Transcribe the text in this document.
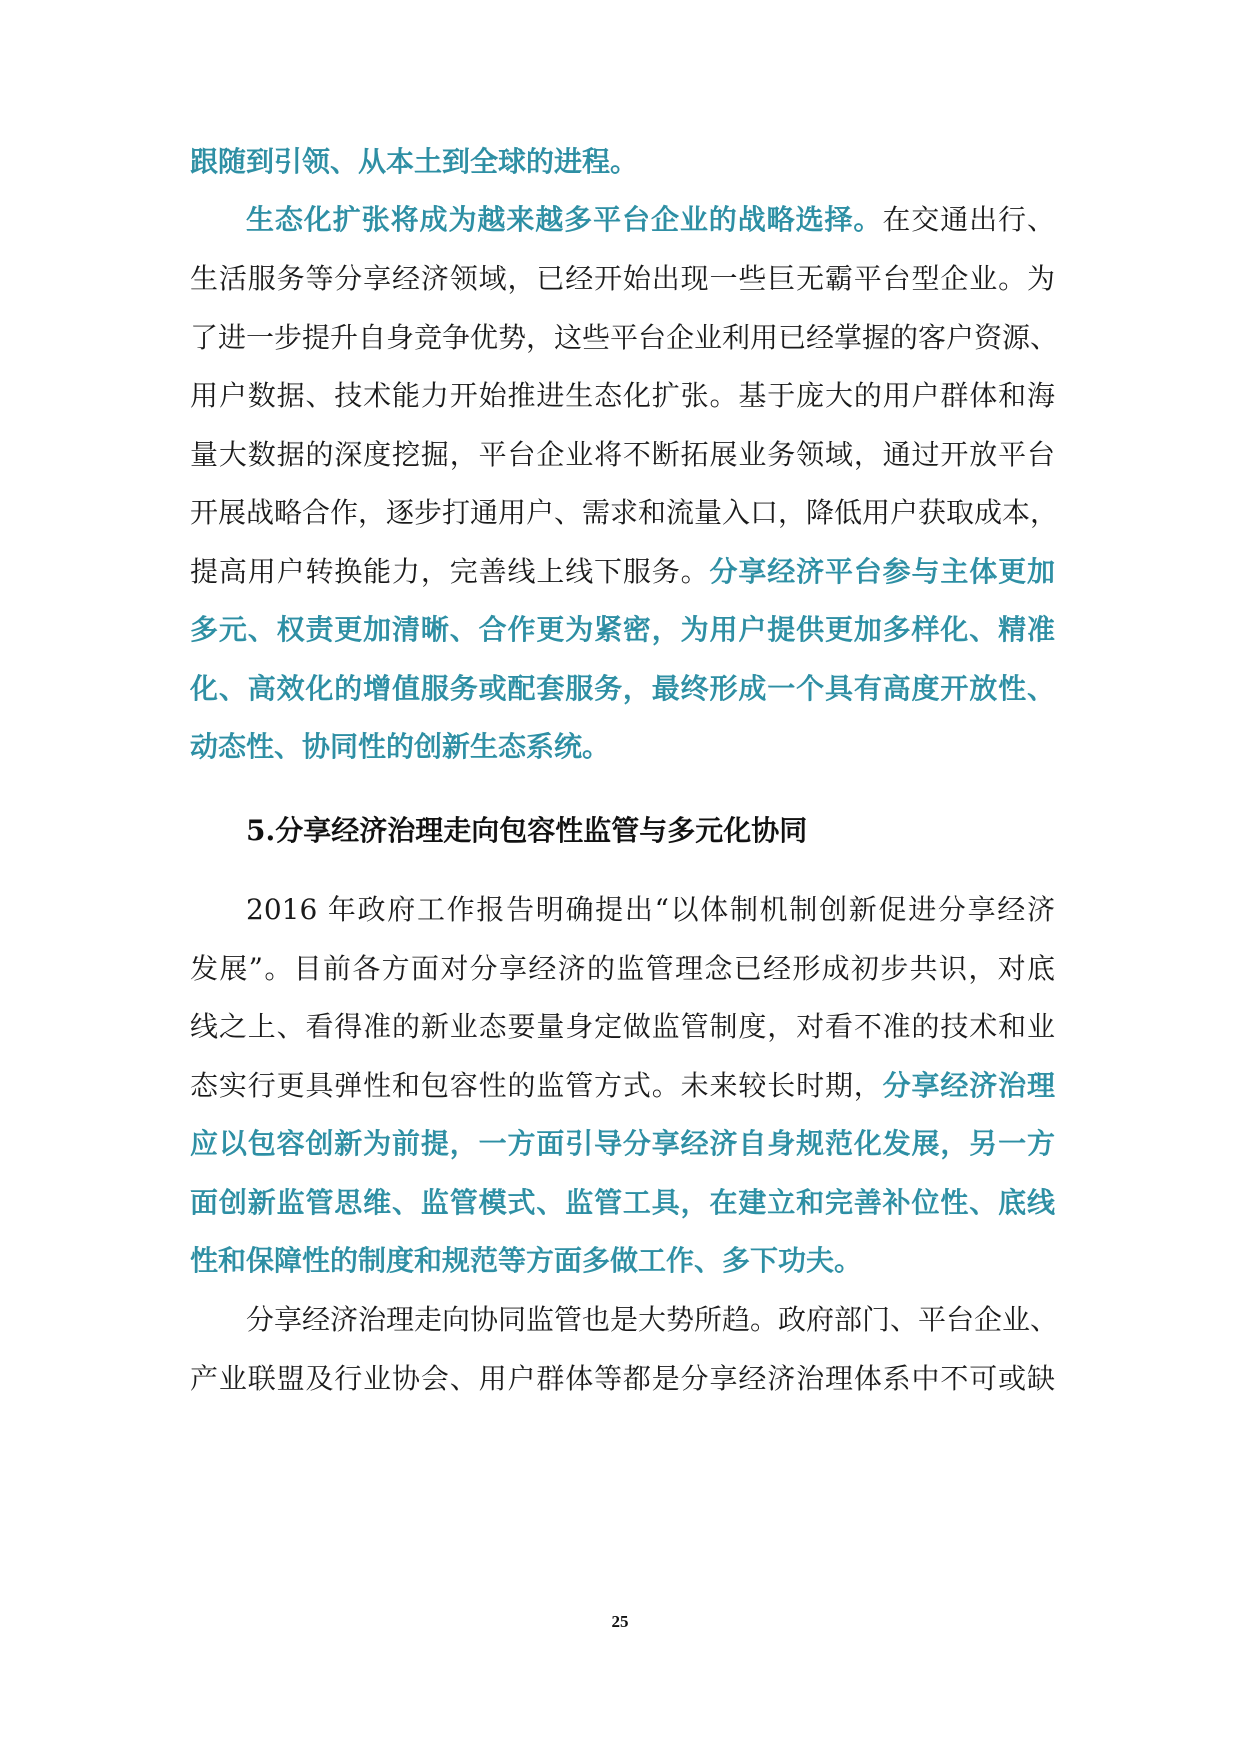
跟随到引领、从本土到全球的进程。
生态化扩张将成为越来越多平台企业的战略选择。在交通出行、
生活服务等分享经济领域，已经开始出现一些巨无霸平台型企业。为
了进一步提升自身竞争优势，这些平台企业利用已经掌握的客户资源、
用户数据、技术能力开始推进生态化扩张。基于庞大的用户群体和海
量大数据的深度挖掘，平台企业将不断拓展业务领域，通过开放平台
开展战略合作，逐步打通用户、需求和流量入口，降低用户获取成本，
提高用户转换能力，完善线上线下服务。分享经济平台参与主体更加
多元、权责更加清晰、合作更为紧密，为用户提供更加多样化、精准
化、高效化的增值服务或配套服务，最终形成一个具有高度开放性、
动态性、协同性的创新生态系统。
5.分享经济治理走向包容性监管与多元化协同
2016 年政府工作报告明确提出“以体制机制创新促进分享经济
发展”。目前各方面对分享经济的监管理念已经形成初步共识，对底
线之上、看得准的新业态要量身定做监管制度，对看不准的技术和业
态实行更具弹性和包容性的监管方式。未来较长时期，分享经济治理
应以包容创新为前提，一方面引导分享经济自身规范化发展，另一方
面创新监管思维、监管模式、监管工具，在建立和完善补位性、底线
性和保障性的制度和规范等方面多做工作、多下功夫。
分享经济治理走向协同监管也是大势所趋。政府部门、平台企业、
产业联盟及行业协会、用户群体等都是分享经济治理体系中不可或缺
25
